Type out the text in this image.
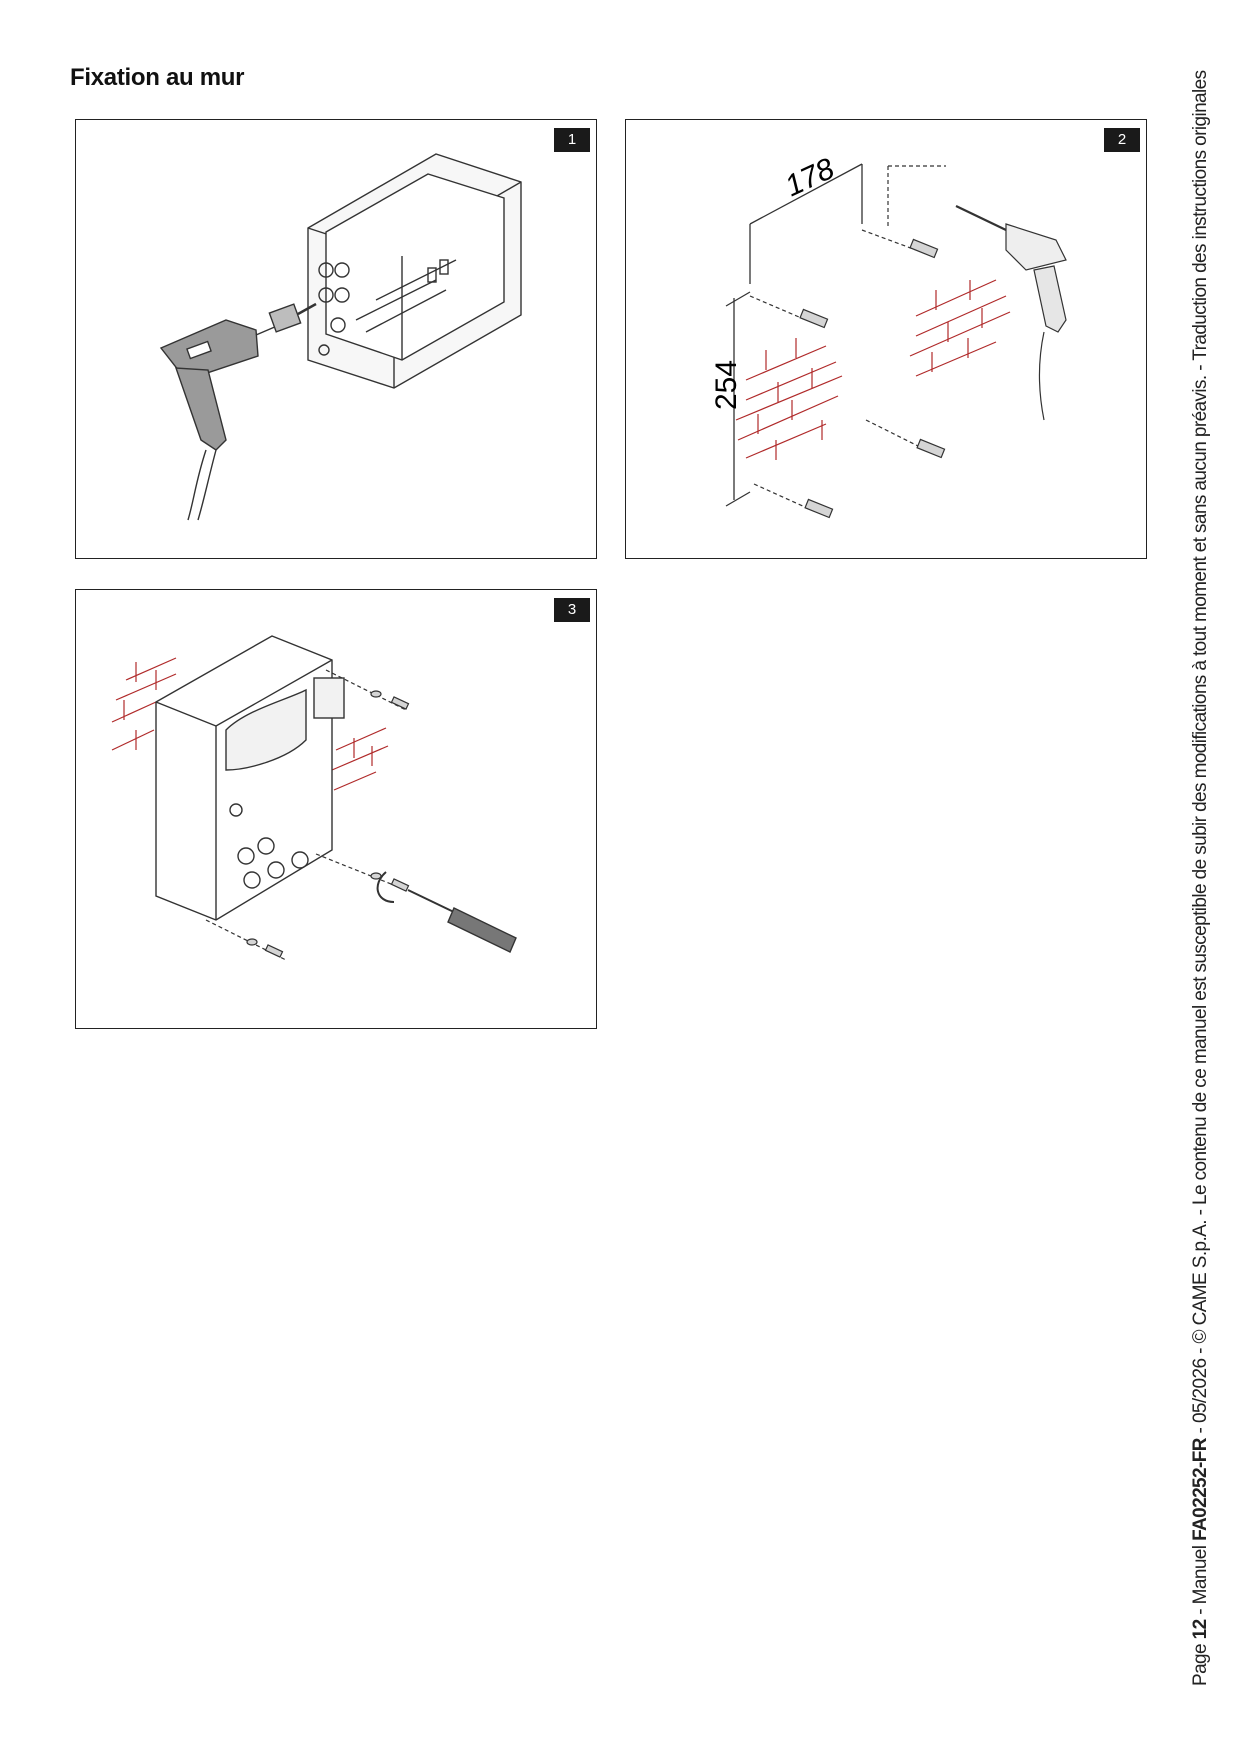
Fixation au mur
1	2
178
254
3
Page 12 - Manuel FA02252-FR - 05/2026 - © CAME S.p.A. - Le contenu de ce manuel est susceptible de subir des modifications à tout moment et sans aucun préavis. - Traduction des instructions originales
